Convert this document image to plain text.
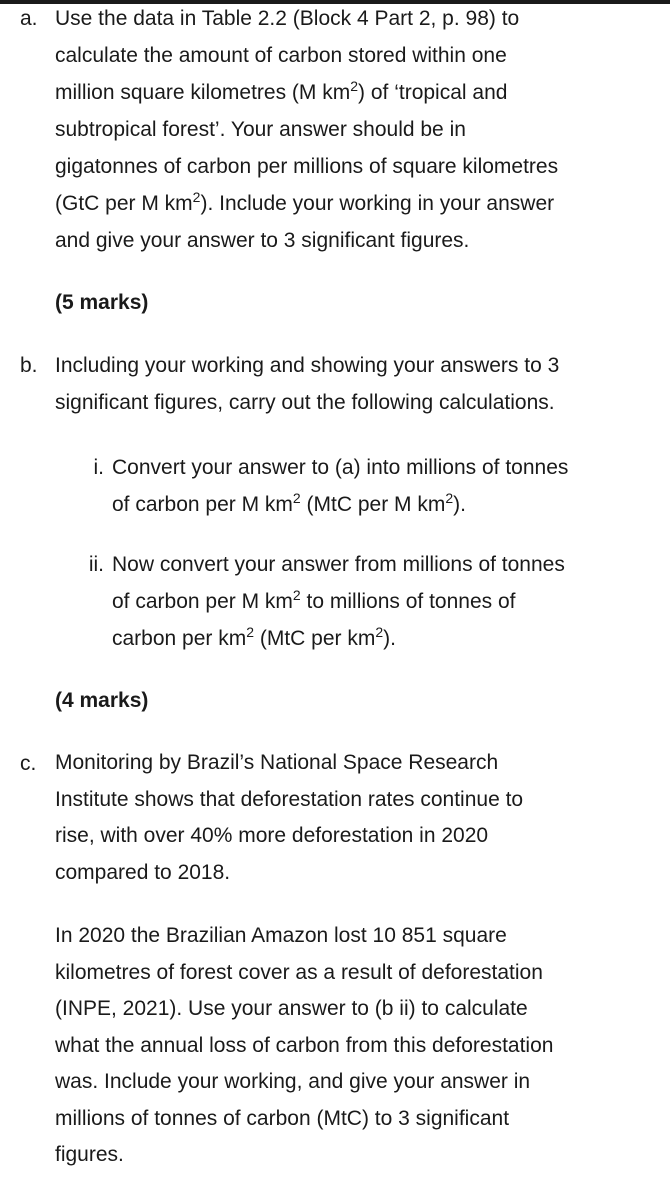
a. Use the data in Table 2.2 (Block 4 Part 2, p. 98) to
calculate the amount of carbon stored within one
million square kilometres (M $km^2$) of ‘tropical and
subtropical forest’. Your answer should be in
gigatonnes of carbon per millions of square kilometres
(GtC per M $km^2$). Include your working in your answer
and give your answer to 3 significant figures.
(5 marks)
b. Including your working and showing your answers to 3
significant figures, carry out the following calculations.
i. Convert your answer to (a) into millions of tonnes
of carbon per M $km^2$ (MtC per M $km^2$).
ii. Now convert your answer from millions of tonnes
of carbon per M $km^2$ to millions of tonnes of
carbon per $km^2$ (MtC per $km^2$).
(4 marks)
c. Monitoring by Brazil’s National Space Research
Institute shows that deforestation rates continue to
rise, with over 40% more deforestation in 2020
compared to 2018.
In 2020 the Brazilian Amazon lost 10 851 square
kilometres of forest cover as a result of deforestation
(INPE, 2021). Use your answer to (b ii) to calculate
what the annual loss of carbon from this deforestation
was. Include your working, and give your answer in
millions of tonnes of carbon (MtC) to 3 significant
figures.
